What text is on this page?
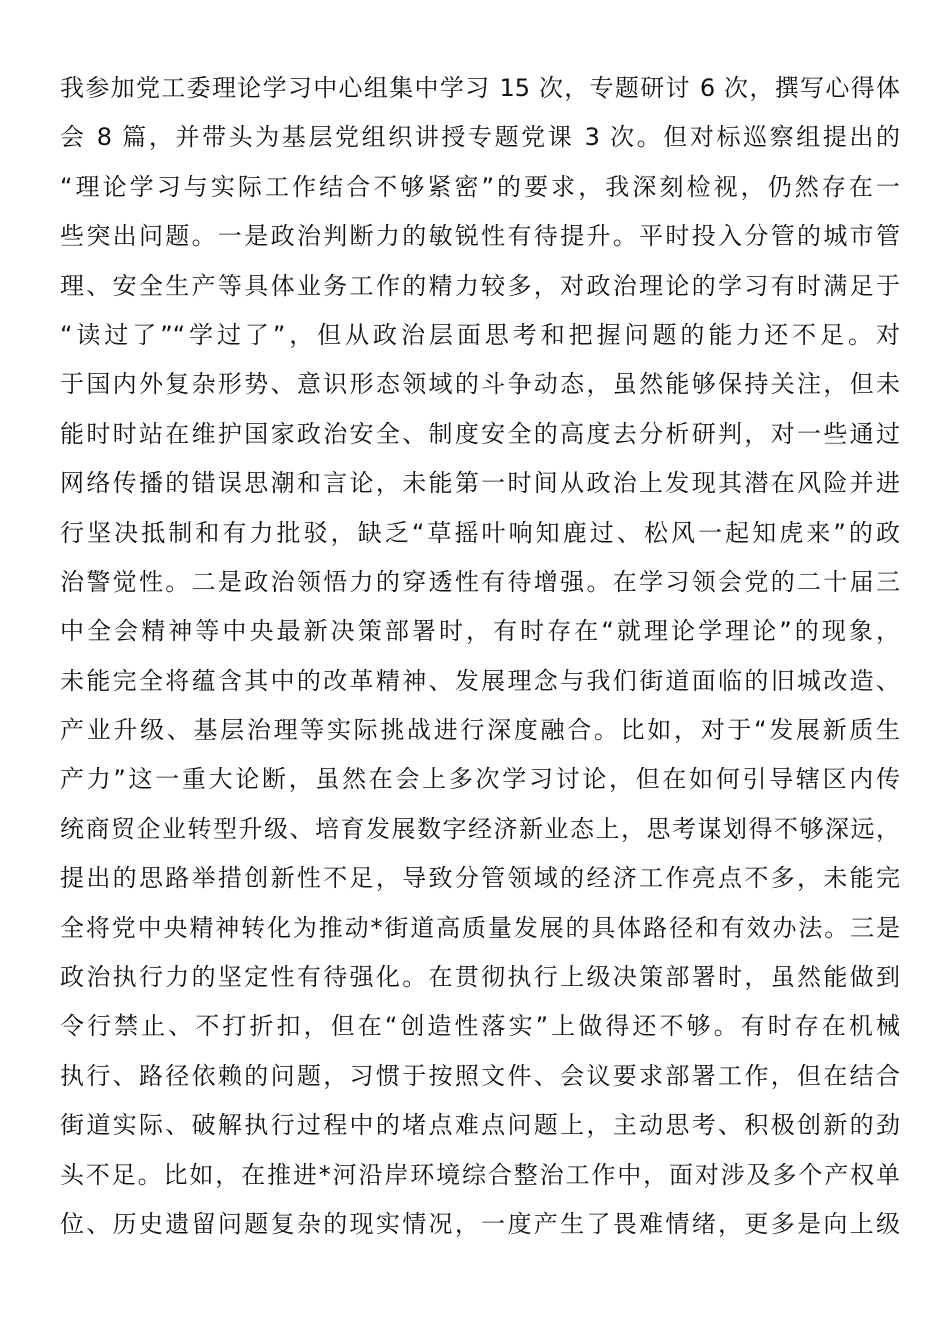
我参加党工委理论学习中心组集中学习 15 次，专题研讨 6 次，撰写心得体
会 8 篇，并带头为基层党组织讲授专题党课 3 次。但对标巡察组提出的
“理论学习与实际工作结合不够紧密”的要求，我深刻检视，仍然存在一
些突出问题。一是政治判断力的敏锐性有待提升。平时投入分管的城市管
理、安全生产等具体业务工作的精力较多，对政治理论的学习有时满足于
“读过了”“学过了”，但从政治层面思考和把握问题的能力还不足。对
于国内外复杂形势、意识形态领域的斗争动态，虽然能够保持关注，但未
能时时站在维护国家政治安全、制度安全的高度去分析研判，对一些通过
网络传播的错误思潮和言论，未能第一时间从政治上发现其潜在风险并进
行坚决抵制和有力批驳，缺乏“草摇叶响知鹿过、松风一起知虎来”的政
治警觉性。二是政治领悟力的穿透性有待增强。在学习领会党的二十届三
中全会精神等中央最新决策部署时，有时存在“就理论学理论”的现象，
未能完全将蕴含其中的改革精神、发展理念与我们街道面临的旧城改造、
产业升级、基层治理等实际挑战进行深度融合。比如，对于“发展新质生
产力”这一重大论断，虽然在会上多次学习讨论，但在如何引导辖区内传
统商贸企业转型升级、培育发展数字经济新业态上，思考谋划得不够深远，
提出的思路举措创新性不足，导致分管领域的经济工作亮点不多，未能完
全将党中央精神转化为推动*街道高质量发展的具体路径和有效办法。三是
政治执行力的坚定性有待强化。在贯彻执行上级决策部署时，虽然能做到
令行禁止、不打折扣，但在“创造性落实”上做得还不够。有时存在机械
执行、路径依赖的问题，习惯于按照文件、会议要求部署工作，但在结合
街道实际、破解执行过程中的堵点难点问题上，主动思考、积极创新的劲
头不足。比如，在推进*河沿岸环境综合整治工作中，面对涉及多个产权单
位、历史遗留问题复杂的现实情况，一度产生了畏难情绪，更多是向上级
